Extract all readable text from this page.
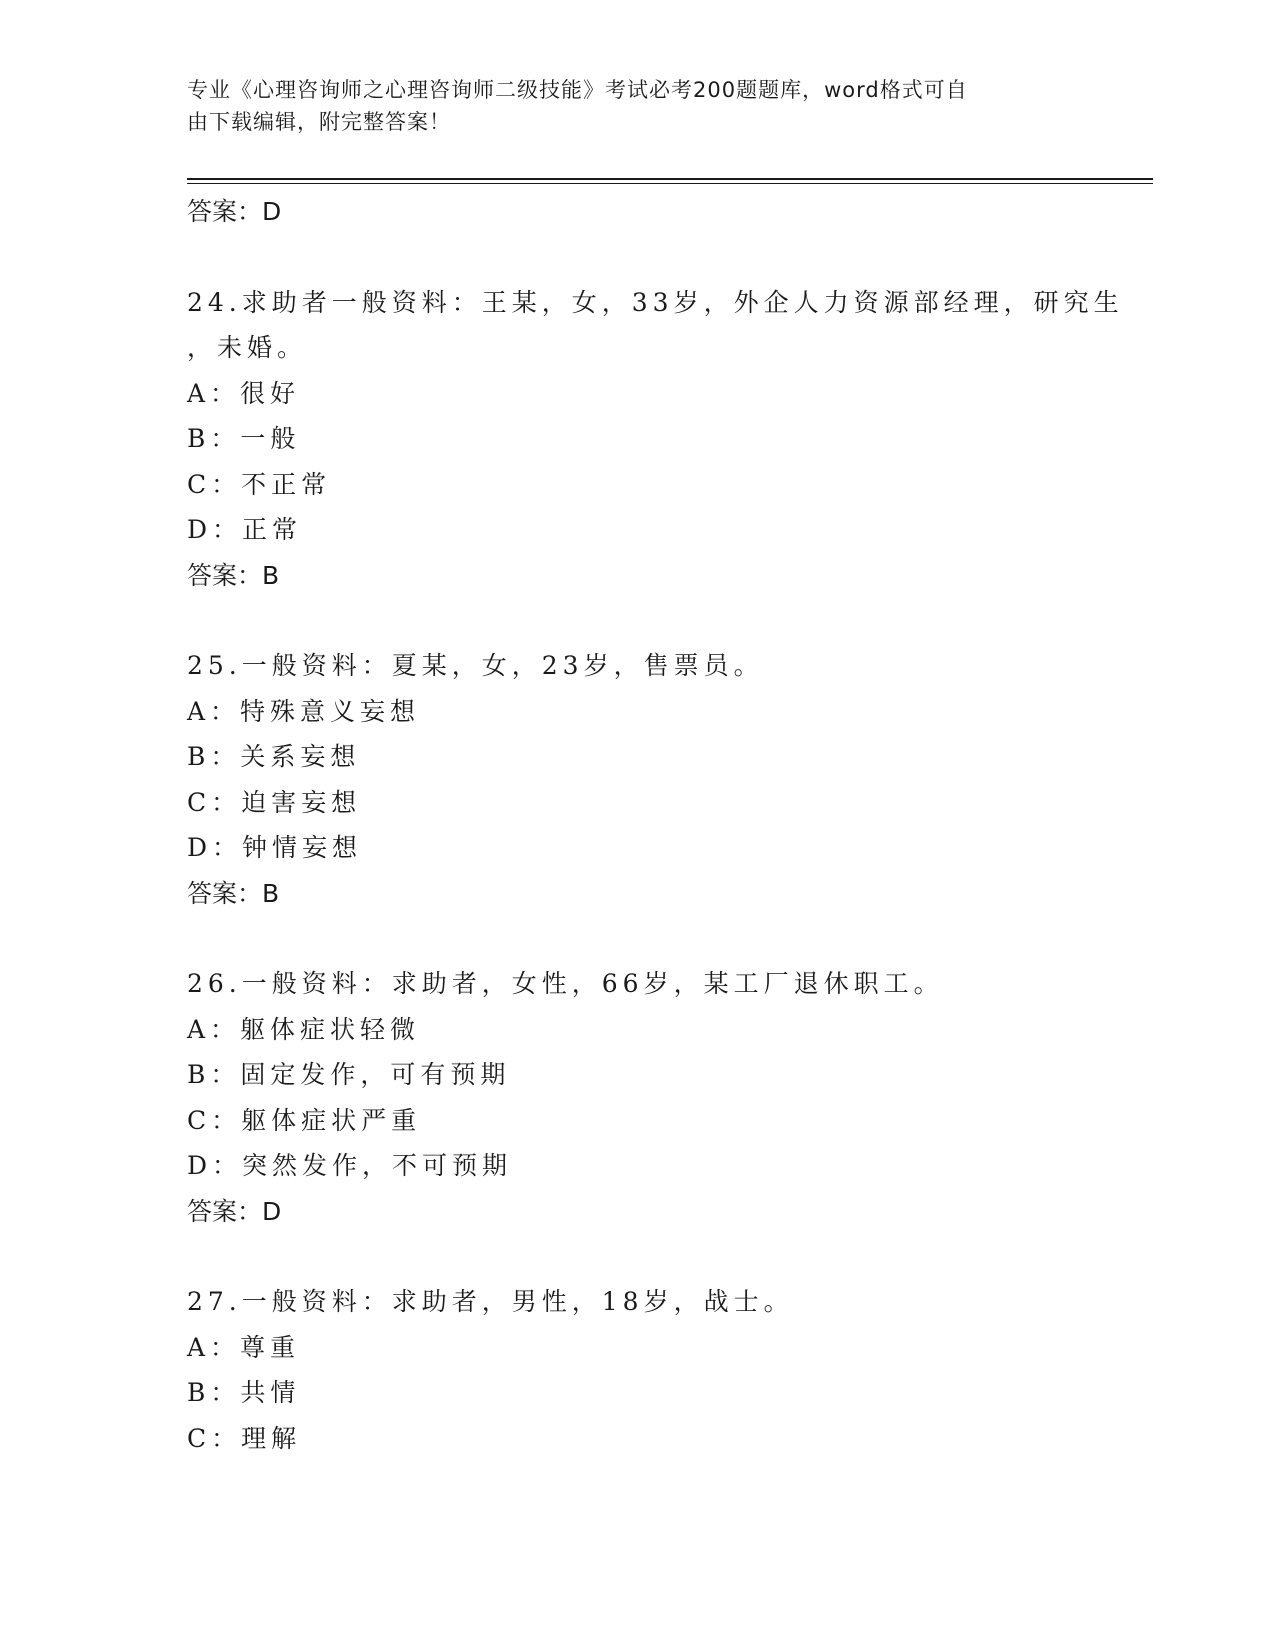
专业《心理咨询师之心理咨询师二级技能》考试必考200题题库，word格式可自
由下载编辑，附完整答案！
答案：D
24.求助者一般资料：王某，女，33岁，外企人力资源部经理，研究生
，未婚。
A：很好
B：一般
C：不正常
D：正常
答案：B
25.一般资料：夏某，女，23岁，售票员。
A：特殊意义妄想
B：关系妄想
C：迫害妄想
D：钟情妄想
答案：B
26.一般资料：求助者，女性，66岁，某工厂退休职工。
A：躯体症状轻微
B：固定发作，可有预期
C：躯体症状严重
D：突然发作，不可预期
答案：D
27.一般资料：求助者，男性，18岁，战士。
A：尊重
B：共情
C：理解
